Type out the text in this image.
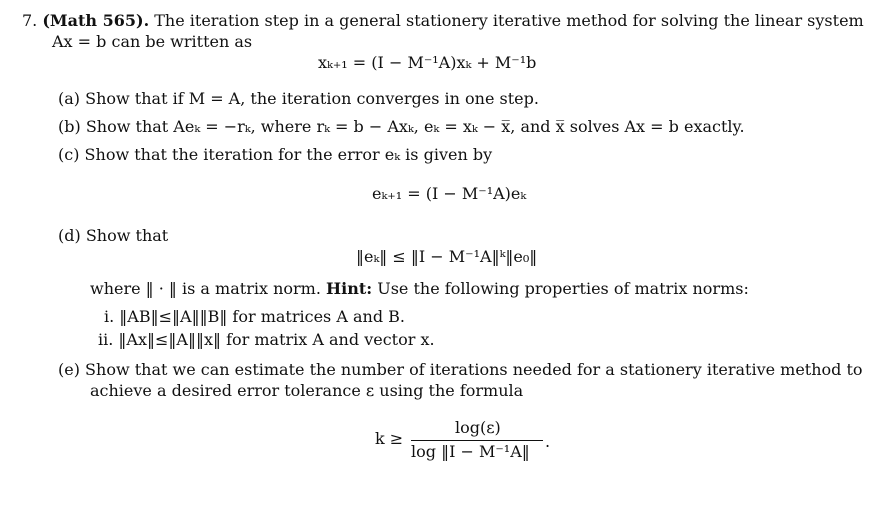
7. (Math 565). The iteration step in a general stationery iterative method for solving the linear system
Ax = b can be written as
xₖ₊₁ = (I − M⁻¹A)xₖ + M⁻¹b
(a) Show that if M = A, the iteration converges in one step.
(b) Show that Aeₖ = −rₖ, where rₖ = b − Axₖ, eₖ = xₖ − x̅, and x̅ solves Ax = b exactly.
(c) Show that the iteration for the error eₖ is given by
eₖ₊₁ = (I − M⁻¹A)eₖ
(d) Show that
‖eₖ‖ ≤ ‖I − M⁻¹A‖ᵏ‖e₀‖
where ‖ · ‖ is a matrix norm. Hint: Use the following properties of matrix norms:
i. ‖AB‖≤‖A‖‖B‖ for matrices A and B.
ii. ‖Ax‖≤‖A‖‖x‖ for matrix A and vector x.
(e) Show that we can estimate the number of iterations needed for a stationery iterative method to
achieve a desired error tolerance ε using the formula
k ≥
log(ε)
log ‖I − M⁻¹A‖
.
